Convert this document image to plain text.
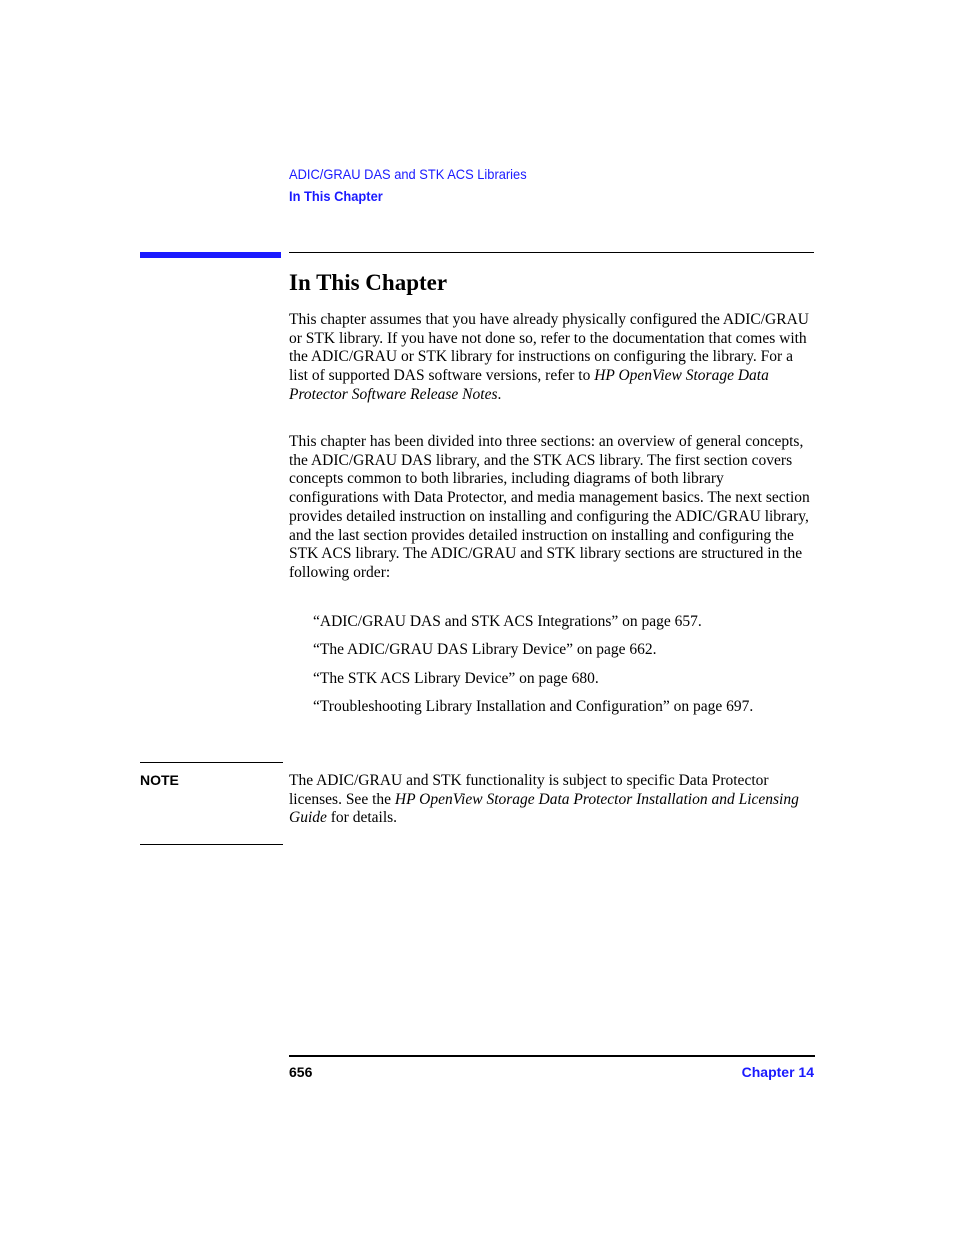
ADIC/GRAU DAS and STK ACS Libraries
In This Chapter
In This Chapter

This chapter assumes that you have already physically configured the ADIC/GRAU or STK library. If you have not done so, refer to the documentation that comes with the ADIC/GRAU or STK library for instructions on configuring the library. For a list of supported DAS software versions, refer to HP OpenView Storage Data Protector Software Release Notes.

This chapter has been divided into three sections: an overview of general concepts, the ADIC/GRAU DAS library, and the STK ACS library. The first section covers concepts common to both libraries, including diagrams of both library configurations with Data Protector, and media management basics. The next section provides detailed instruction on installing and configuring the ADIC/GRAU library, and the last section provides detailed instruction on installing and configuring the STK ACS library. The ADIC/GRAU and STK library sections are structured in the following order:

“ADIC/GRAU DAS and STK ACS Integrations” on page 657.

“The ADIC/GRAU DAS Library Device” on page 662.

“The STK ACS Library Device” on page 680.

“Troubleshooting Library Installation and Configuration” on page 697.

NOTE	The ADIC/GRAU and STK functionality is subject to specific Data Protector licenses. See the HP OpenView Storage Data Protector Installation and Licensing Guide for details.

656	Chapter 14
